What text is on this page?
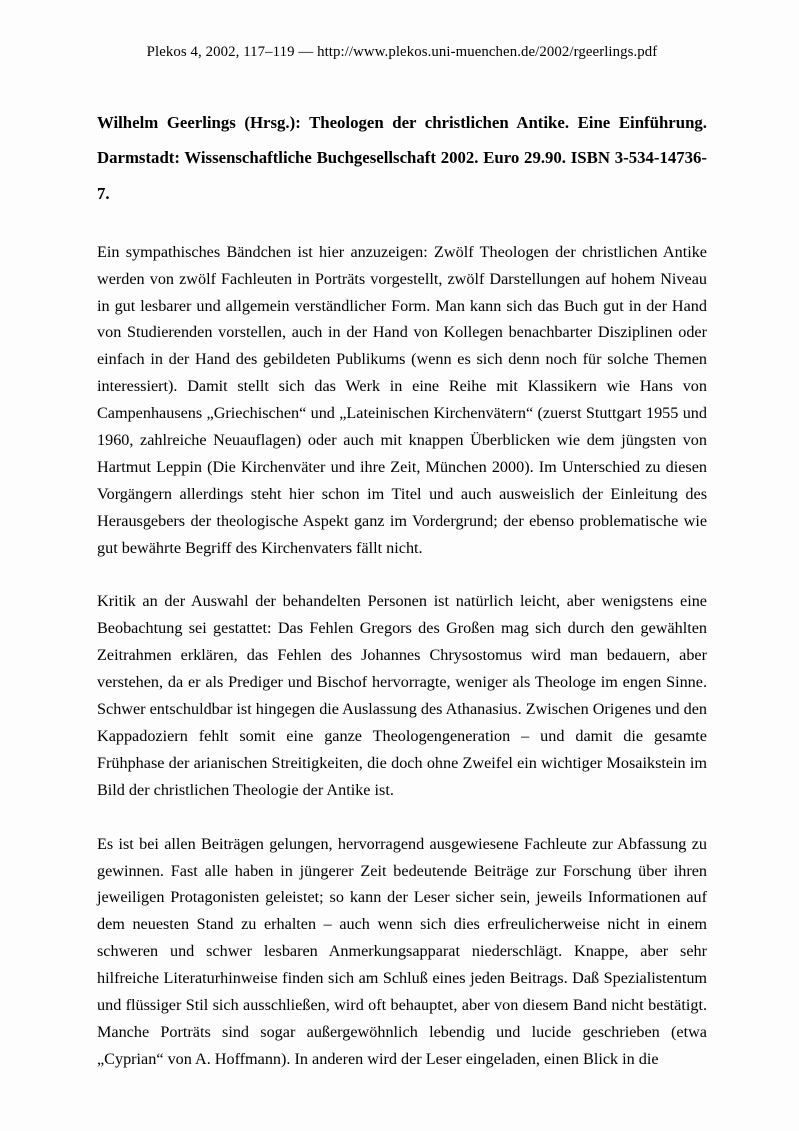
Plekos 4, 2002, 117–119 — http://www.plekos.uni-muenchen.de/2002/rgeerlings.pdf
Wilhelm Geerlings (Hrsg.): Theologen der christlichen Antike. Eine Einführung. Darmstadt: Wissenschaftliche Buchgesellschaft 2002. Euro 29.90. ISBN 3-534-14736-7.

Ein sympathisches Bändchen ist hier anzuzeigen: Zwölf Theologen der christlichen Antike werden von zwölf Fachleuten in Porträts vorgestellt, zwölf Darstellungen auf hohem Niveau in gut lesbarer und allgemein verständlicher Form. Man kann sich das Buch gut in der Hand von Studierenden vorstellen, auch in der Hand von Kollegen benachbarter Disziplinen oder einfach in der Hand des gebildeten Publikums (wenn es sich denn noch für solche Themen interessiert). Damit stellt sich das Werk in eine Reihe mit Klassikern wie Hans von Campenhausens „Griechischen“ und „Lateinischen Kirchenvätern“ (zuerst Stuttgart 1955 und 1960, zahlreiche Neuauflagen) oder auch mit knappen Überblicken wie dem jüngsten von Hartmut Leppin (Die Kirchenväter und ihre Zeit, München 2000). Im Unterschied zu diesen Vorgängern allerdings steht hier schon im Titel und auch ausweislich der Einleitung des Herausgebers der theologische Aspekt ganz im Vordergrund; der ebenso problematische wie gut bewährte Begriff des Kirchenvaters fällt nicht.

Kritik an der Auswahl der behandelten Personen ist natürlich leicht, aber wenigstens eine Beobachtung sei gestattet: Das Fehlen Gregors des Großen mag sich durch den gewählten Zeitrahmen erklären, das Fehlen des Johannes Chrysostomus wird man bedauern, aber verstehen, da er als Prediger und Bischof hervorragte, weniger als Theologe im engen Sinne. Schwer entschuldbar ist hingegen die Auslassung des Athanasius. Zwischen Origenes und den Kappadoziern fehlt somit eine ganze Theologengeneration – und damit die gesamte Frühphase der arianischen Streitigkeiten, die doch ohne Zweifel ein wichtiger Mosaikstein im Bild der christlichen Theologie der Antike ist.

Es ist bei allen Beiträgen gelungen, hervorragend ausgewiesene Fachleute zur Abfassung zu gewinnen. Fast alle haben in jüngerer Zeit bedeutende Beiträge zur Forschung über ihren jeweiligen Protagonisten geleistet; so kann der Leser sicher sein, jeweils Informationen auf dem neuesten Stand zu erhalten – auch wenn sich dies erfreulicherweise nicht in einem schweren und schwer lesbaren Anmerkungsapparat niederschlägt. Knappe, aber sehr hilfreiche Literaturhinweise finden sich am Schluß eines jeden Beitrags. Daß Spezialistentum und flüssiger Stil sich ausschließen, wird oft behauptet, aber von diesem Band nicht bestätigt. Manche Porträts sind sogar außergewöhnlich lebendig und lucide geschrieben (etwa „Cyprian“ von A. Hoffmann). In anderen wird der Leser eingeladen, einen Blick in die
